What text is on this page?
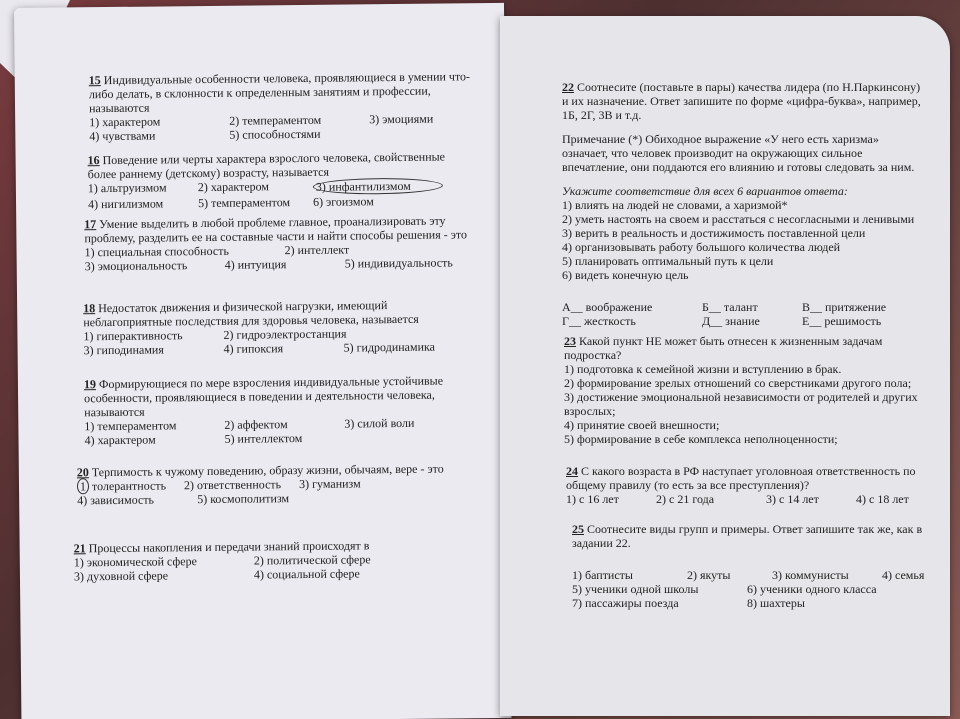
15 Индивидуальные особенности человека, проявляющиеся в умении что-либо делать, в склонности к определенным занятиям и профессии, называются
1) характером	2) темпераментом	3) эмоциями
4) чувствами	5) способностями
16 Поведение или черты характера взрослого человека, свойственные более раннему (детскому) возрасту, называется
1) альтруизмом	2) характером	3) инфантилизмом
4) нигилизмом	5) темпераментом	6) эгоизмом
17 Умение выделить в любой проблеме главное, проанализировать эту проблему, разделить ее на составные части и найти способы решения - это
1) специальная способность	2) интеллект
3) эмоциональность	4) интуиция	5) индивидуальность
18 Недостаток движения и физической нагрузки, имеющий неблагоприятные последствия для здоровья человека, называется
1) гиперактивность	2) гидроэлектростанция
3) гиподинамия	4) гипоксия	5) гидродинамика
19 Формирующиеся по мере взросления индивидуальные устойчивые особенности, проявляющиеся в поведении и деятельности человека, называются
1) темпераментом	2) аффектом	3) силой воли
4) характером	5) интеллектом
20 Терпимость к чужому поведению, образу жизни, обычаям, вере - это
1 толерантность 2) ответственность 3) гуманизм
4) зависимость	5) космополитизм
21 Процессы накопления и передачи знаний происходят в
1) экономической сфере	2) политической сфере
3) духовной сфере	4) социальной сфере
22 Соотнесите (поставьте в пары) качества лидера (по Н.Паркинсону) и их назначение. Ответ запишите по форме «цифра-буква», например, 1Б, 2Г, 3В и т.д.
Примечание (*) Обиходное выражение «У него есть харизма» означает, что человек производит на окружающих сильное впечатление, они поддаются его влиянию и готовы следовать за ним.
Укажите соответствие для всех 6 вариантов ответа:
1) влиять на людей не словами, а харизмой*
2) уметь настоять на своем и расстаться с несогласными и ленивыми
3) верить в реальность и достижимость поставленной цели
4) организовывать работу большого количества людей
5) планировать оптимальный путь к цели
6) видеть конечную цель
А__ воображение	Б__ талант	В__ притяжение
Г__ жесткость	Д__ знание	Е__ решимость
23 Какой пункт НЕ может быть отнесен к жизненным задачам подростка?
1) подготовка к семейной жизни и вступлению в брак.
2) формирование зрелых отношений со сверстниками другого пола;
3) достижение эмоциональной независимости от родителей и других взрослых;
4) принятие своей внешности;
5) формирование в себе комплекса неполноценности;
24 С какого возраста в РФ наступает уголовноая ответственность по общему правилу (то есть за все преступления)?
1) с 16 лет	2) с 21 года	3) с 14 лет	4) с 18 лет
25 Соотнесите виды групп и примеры. Ответ запишите так же, как в задании 22.
1) баптисты	2) якуты	3) коммунисты	4) семья
5) ученики одной школы	6) ученики одного класса
7) пассажиры поезда	8) шахтеры
